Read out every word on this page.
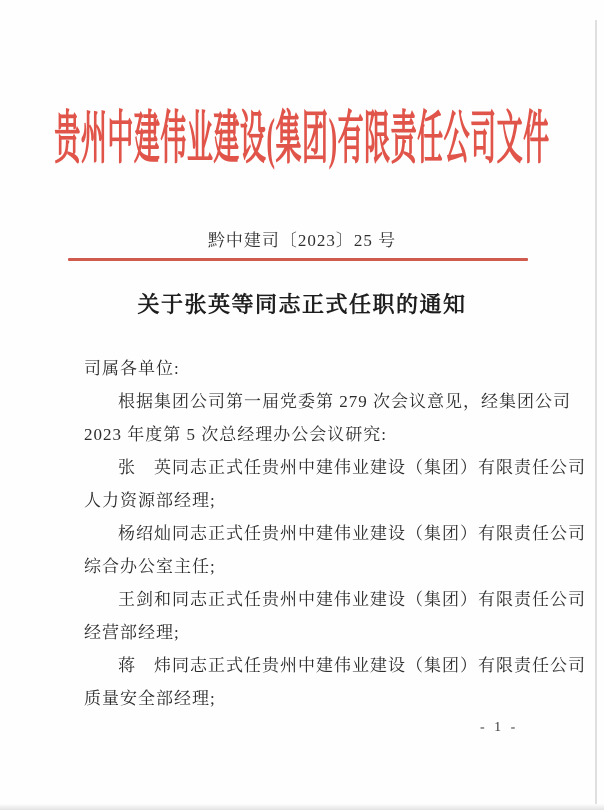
贵州中建伟业建设(集团)有限责任公司文件
黔中建司〔2023〕25 号
关于张英等同志正式任职的通知
司属各单位:
根据集团公司第一届党委第 279 次会议意见，经集团公司
2023 年度第 5 次总经理办公会议研究:
张　英同志正式任贵州中建伟业建设（集团）有限责任公司
人力资源部经理;
杨绍灿同志正式任贵州中建伟业建设（集团）有限责任公司
综合办公室主任;
王剑和同志正式任贵州中建伟业建设（集团）有限责任公司
经营部经理;
蒋　炜同志正式任贵州中建伟业建设（集团）有限责任公司
质量安全部经理;
- 1 -
